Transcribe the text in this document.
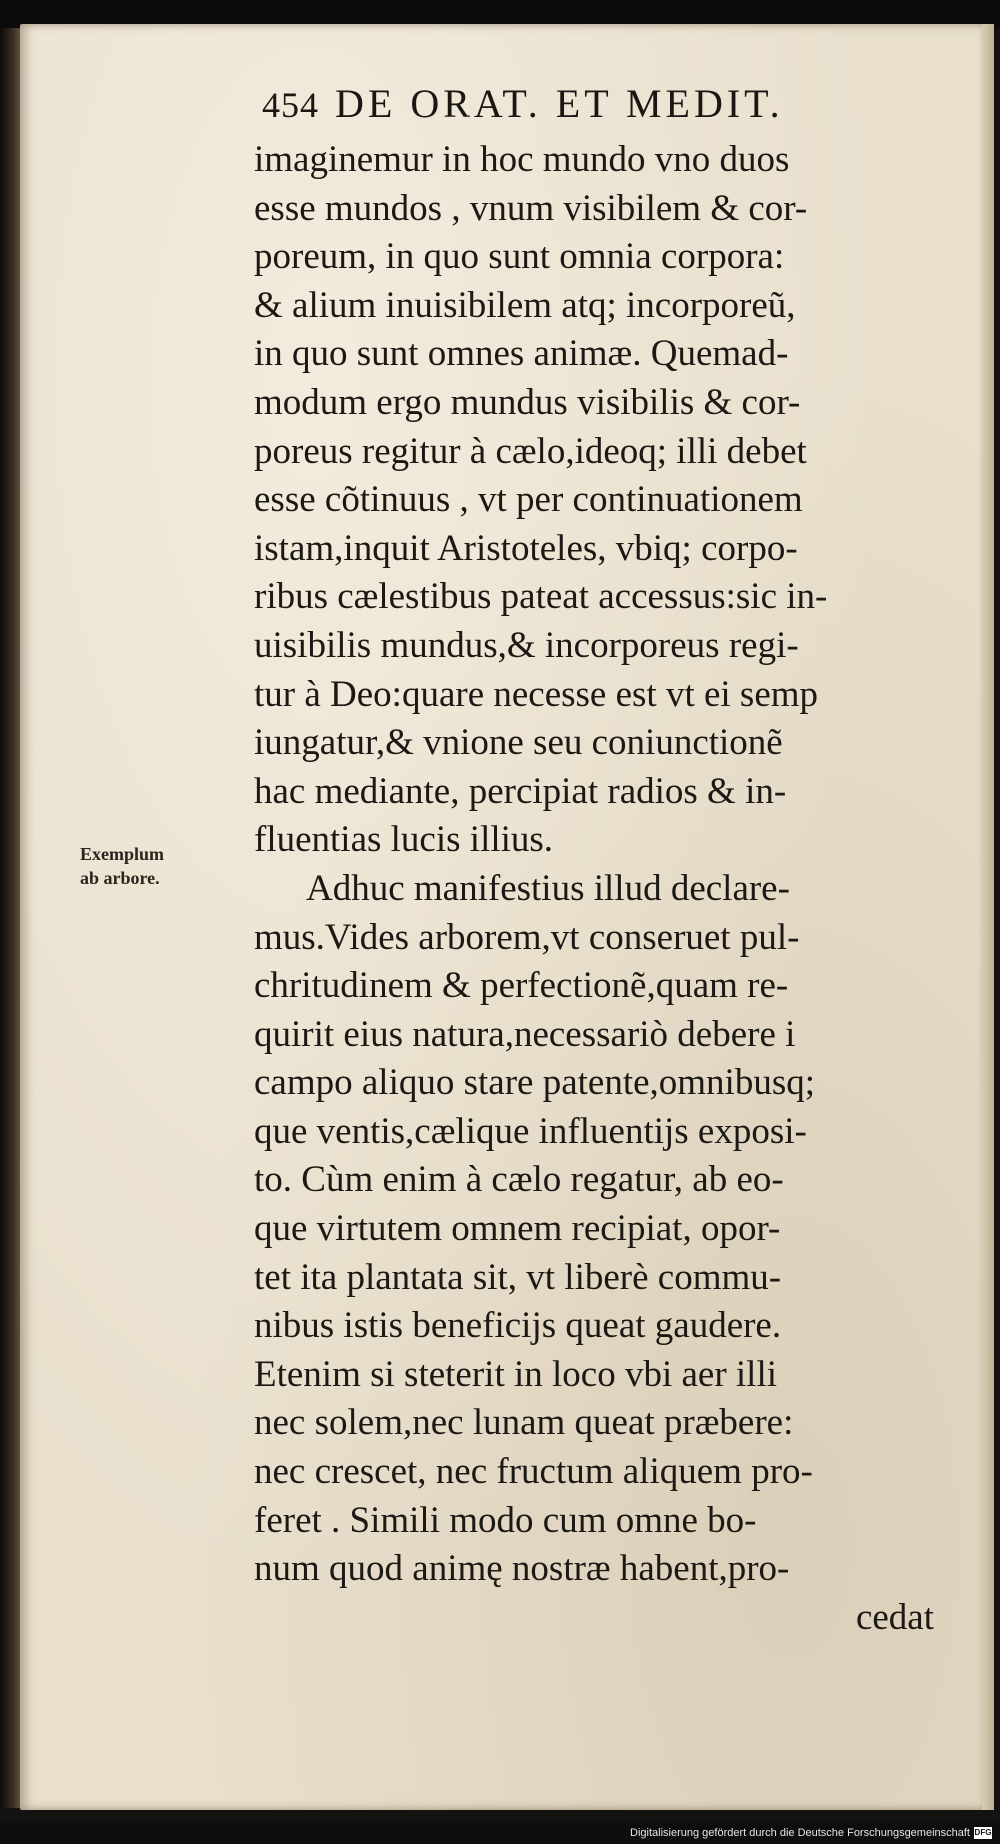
454 DE ORAT. ET MEDIT.
Exemplum
ab arbore.
imaginemur in hoc mundo vno duos
esse mundos , vnum visibilem & cor-
poreum, in quo sunt omnia corpora:
& alium inuisibilem atq; incorporeũ,
in quo sunt omnes animæ. Quemad-
modum ergo mundus visibilis & cor-
poreus regitur à cælo,ideoq; illi debet
esse cõtinuus , vt per continuationem
istam,inquit Aristoteles, vbiq; corpo-
ribus cælestibus pateat accessus:sic in-
uisibilis mundus,& incorporeus regi-
tur à Deo:quare necesse est vt ei semp
iungatur,& vnione seu coniunctionẽ
hac mediante, percipiat radios & in-
fluentias lucis illius.
Adhuc manifestius illud declare-
mus.Vides arborem,vt conseruet pul-
chritudinem & perfectionẽ,quam re-
quirit eius natura,necessariò debere i
campo aliquo stare patente,omnibusq;
que ventis,cælique influentijs exposi-
to. Cùm enim à cælo regatur, ab eo-
que virtutem omnem recipiat, opor-
tet ita plantata sit, vt liberè commu-
nibus istis beneficijs queat gaudere.
Etenim si steterit in loco vbi aer illi
nec solem,nec lunam queat præbere:
nec crescet, nec fructum aliquem pro-
feret . Simili modo cum omne bo-
num quod animę nostræ habent,pro-
cedat
Digitalisierung gefördert durch die Deutsche Forschungsgemeinschaft DFG
